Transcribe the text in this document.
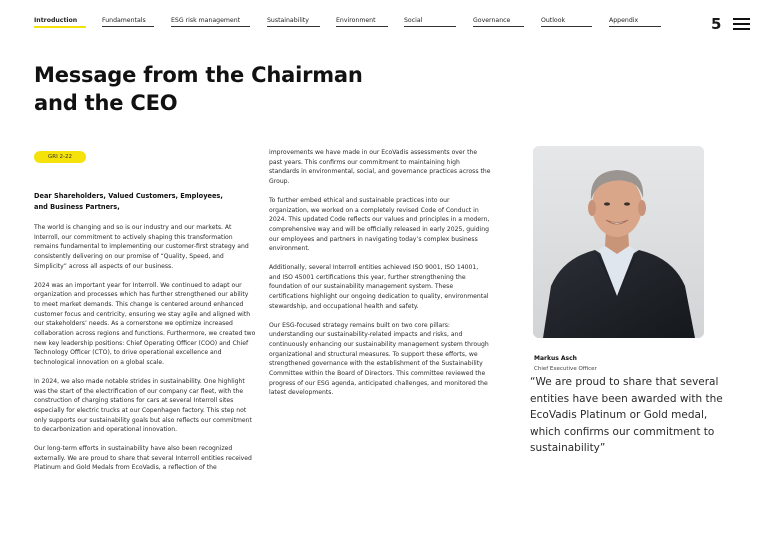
Introduction	Fundamentals	ESG risk management	Sustainability	Environment	Social	Governance	Outlook	Appendix	5
Message from the Chairman
and the CEO
GRI 2-22

Dear Shareholders, Valued Customers, Employees,
and Business Partners,

The world is changing and so is our industry and our markets. At Interroll, our commitment to actively shaping this transformation remains fundamental to implementing our customer-first strategy and consistently delivering on our promise of “Quality, Speed, and Simplicity” across all aspects of our business.

2024 was an important year for Interroll. We continued to adapt our organization and processes which has further strengthened our ability to meet market demands. This change is centered around enhanced customer focus and centricity, ensuring we stay agile and aligned with our stakeholders’ needs. As a cornerstone we optimize increased collaboration across regions and functions. Furthermore, we created two new key leadership positions: Chief Operating Officer (COO) and Chief Technology Officer (CTO), to drive operational excellence and technological innovation on a global scale.

In 2024, we also made notable strides in sustainability. One highlight was the start of the electrification of our company car fleet, with the construction of charging stations for cars at several Interroll sites especially for electric trucks at our Copenhagen factory. This step not only supports our sustainability goals but also reflects our commitment to decarbonization and operational innovation.

Our long-term efforts in sustainability have also been recognized externally. We are proud to share that several Interroll entities received Platinum and Gold Medals from EcoVadis, a reflection of the

improvements we have made in our EcoVadis assessments over the past years. This confirms our commitment to maintaining high standards in environmental, social, and governance practices across the Group.

To further embed ethical and sustainable practices into our organization, we worked on a completely revised Code of Conduct in 2024. This updated Code reflects our values and principles in a modern, comprehensive way and will be officially released in early 2025, guiding our employees and partners in navigating today’s complex business environment.

Additionally, several Interroll entities achieved ISO 9001, ISO 14001, and ISO 45001 certifications this year, further strengthening the foundation of our sustainability management system. These certifications highlight our ongoing dedication to quality, environmental stewardship, and occupational health and safety.

Our ESG-focused strategy remains built on two core pillars: understanding our sustainability-related impacts and risks, and continuously enhancing our sustainability management system through organizational and structural measures. To support these efforts, we strengthened governance with the establishment of the Sustainability Committee within the Board of Directors. This committee reviewed the progress of our ESG agenda, anticipated challenges, and monitored the latest developments.

Markus Asch
Chief Executive Officer
“We are proud to share that several entities have been awarded with the EcoVadis Platinum or Gold medal, which confirms our commitment to sustainability”
